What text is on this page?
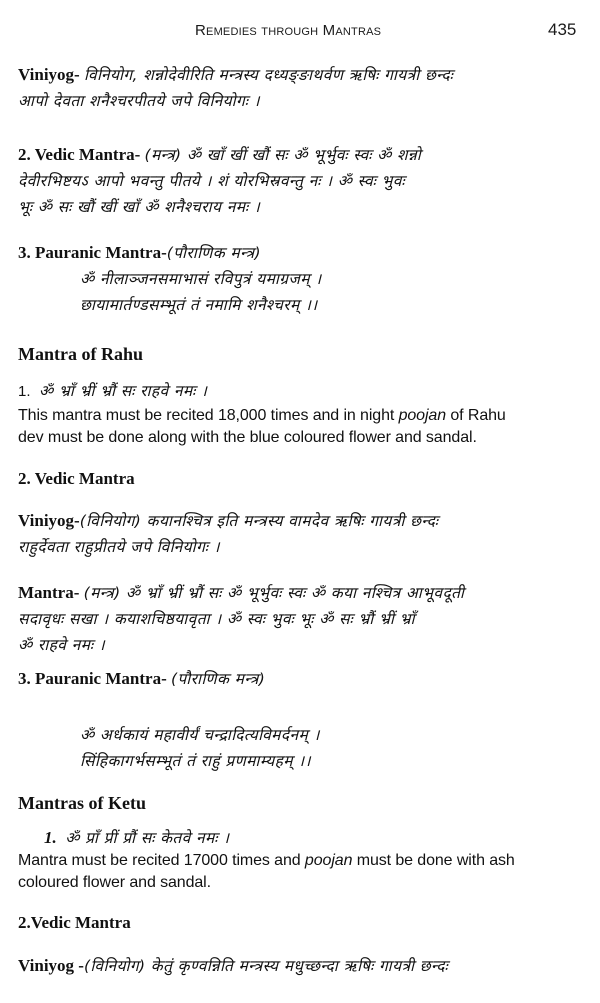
Remedies through Mantras	435
Viniyog- विनियोग, शन्नोदेवीरिति मन्त्रस्य दध्यङ्ङाथर्वण ऋषिः गायत्री छन्दः
आपो देवता शनैश्चरपीतये जपे विनियोगः ।
2. Vedic Mantra- (मन्त्र) ॐ खाँ खीं खौं सः ॐ भूर्भुवः स्वः ॐ शन्नो
देवीरभिष्टयऽ आपो भवन्तु पीतये । शं योरभिस्रवन्तु नः । ॐ स्वः भुवः
भूः ॐ सः खौं खीं खाँ ॐ शनैश्चराय नमः ।
3. Pauranic Mantra-(पौराणिक मन्त्र)
ॐ नीलाञ्जनसमाभासं रविपुत्रं यमाग्रजम् ।
छायामार्तण्डसम्भूतं तं नमामि शनैश्चरम् ।।
Mantra of Rahu
1. ॐ भ्राँ भ्रीं भ्रौं सः राहवे नमः ।
This mantra must be recited 18,000 times and in night poojan of Rahu
dev must be done along with the blue coloured flower and sandal.
2. Vedic Mantra
Viniyog-(विनियोग) कयानश्चित्र इति मन्त्रस्य वामदेव ऋषिः गायत्री छन्दः
राहुर्देवता राहुप्रीतये जपे विनियोगः ।
Mantra- (मन्त्र) ॐ भ्राँ भ्रीं भ्रौं सः ॐ भूर्भुवः स्वः ॐ कया नश्चित्र आभूवदूती
सदावृधः सखा । कयाशचिष्ठयावृता । ॐ स्वः भुवः भूः ॐ सः भ्रौं भ्रीं भ्राँ
ॐ राहवे नमः ।
3. Pauranic Mantra- (पौराणिक मन्त्र)
ॐ अर्धकायं महावीर्यं चन्द्रादित्यविमर्दनम् ।
सिंहिकागर्भसम्भूतं तं राहुं प्रणमाम्यहम् ।।
Mantras of Ketu
1. ॐ प्राँ प्रीं प्रौं सः केतवे नमः ।
Mantra must be recited 17000 times and poojan must be done with ash
coloured flower and sandal.
2.Vedic Mantra
Viniyog -(विनियोग) केतुं कृण्वन्निति मन्त्रस्य मधुच्छन्दा ऋषिः गायत्री छन्दः
